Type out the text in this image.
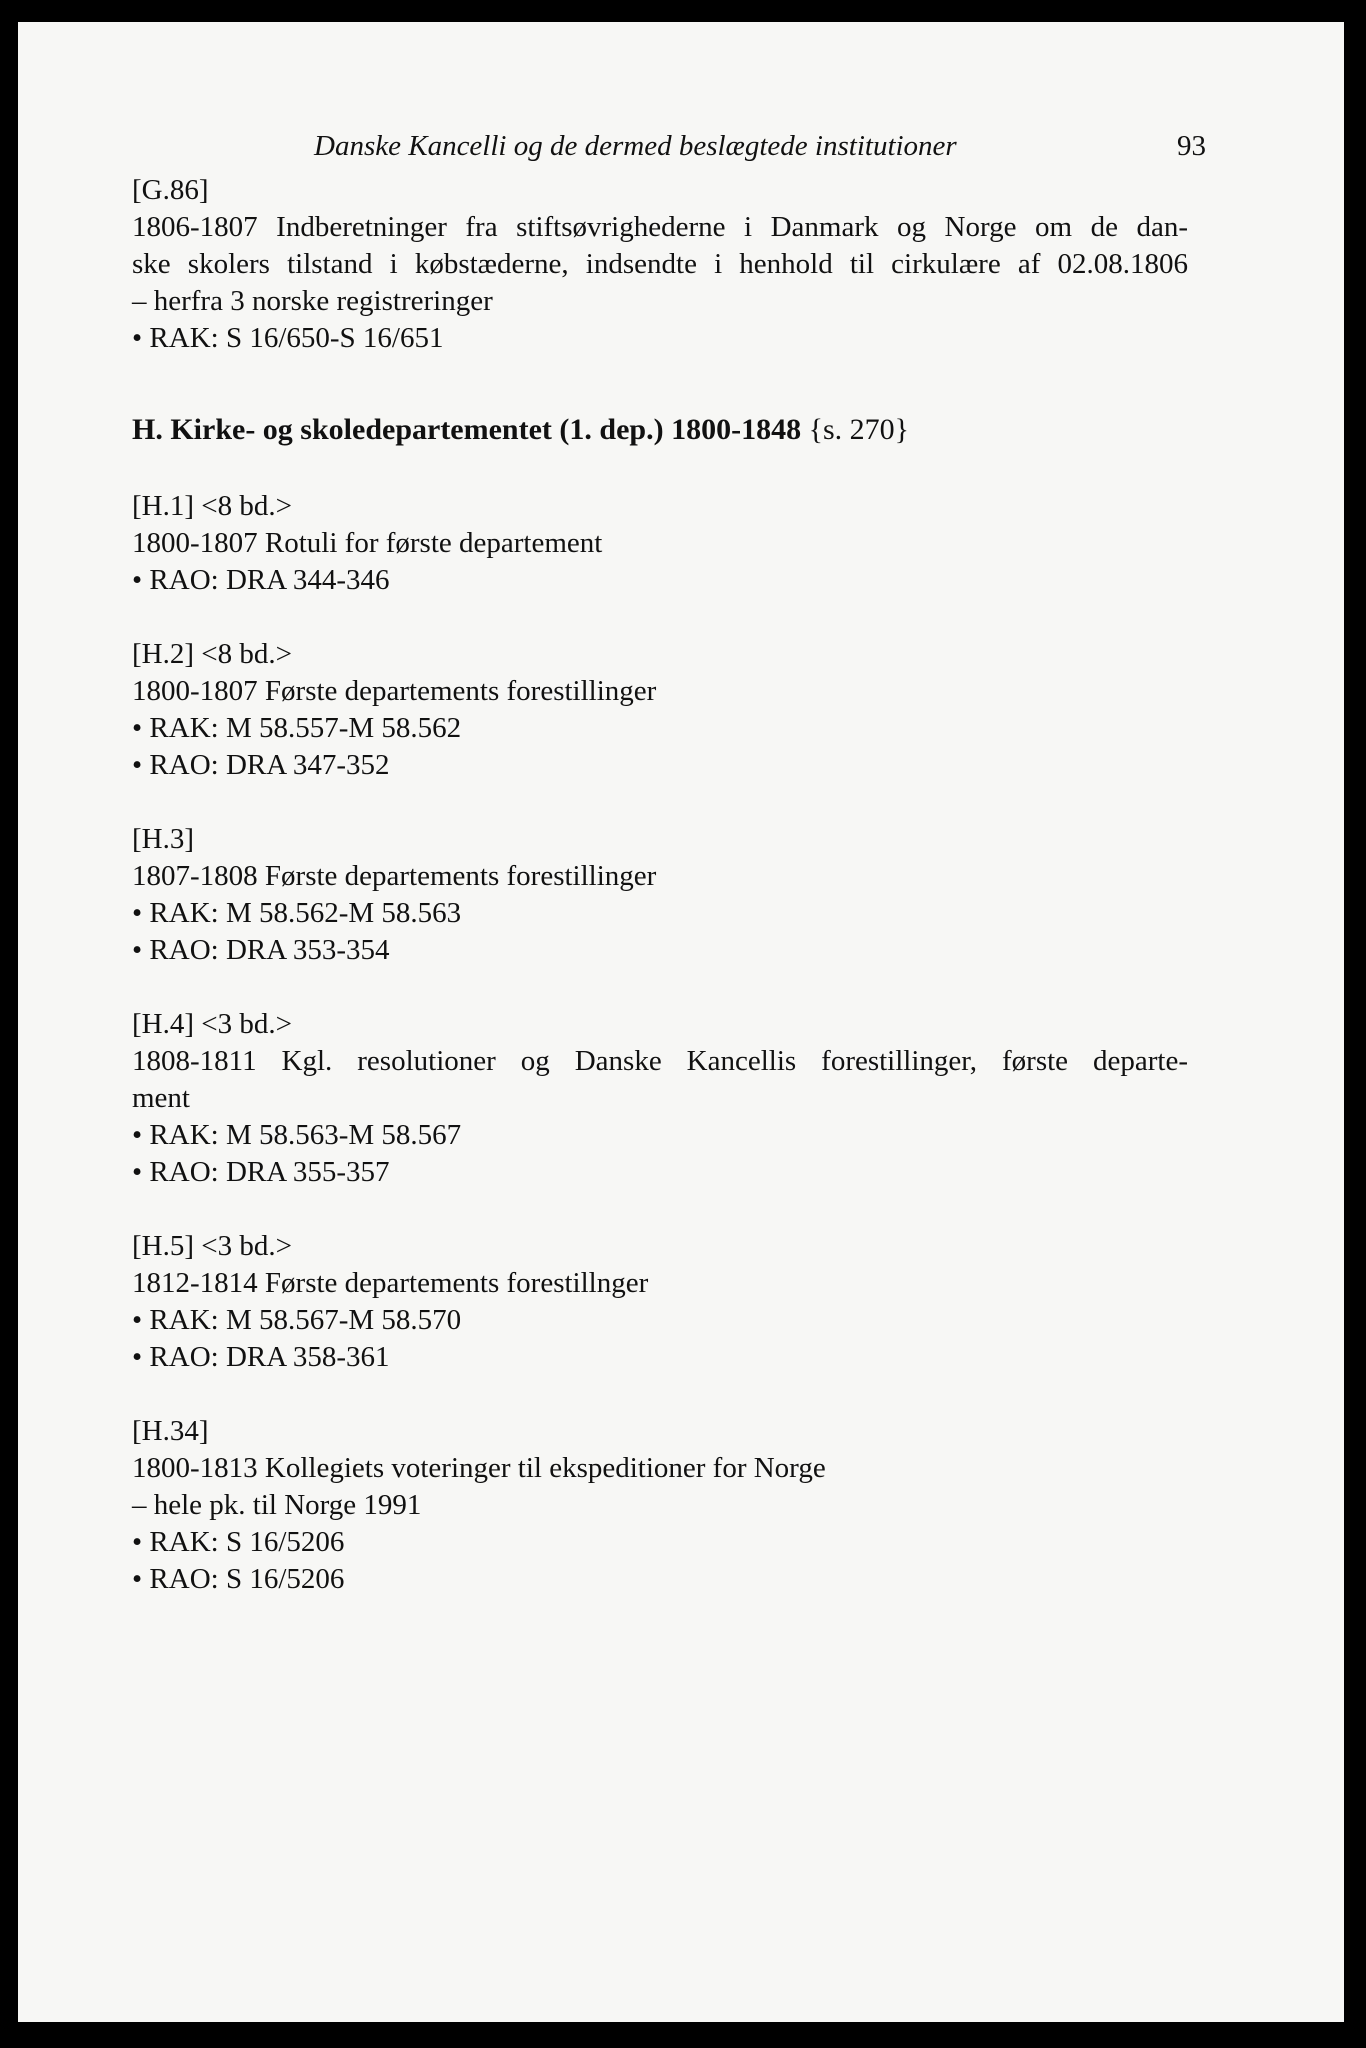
Danske Kancelli og de dermed beslægtede institutioner	93
[G.86]
1806-1807 Indberetninger fra stiftsøvrighederne i Danmark og Norge om de dan-
ske skolers tilstand i købstæderne, indsendte i henhold til cirkulære af 02.08.1806
– herfra 3 norske registreringer
• RAK: S 16/650-S 16/651
H. Kirke- og skoledepartementet (1. dep.) 1800-1848 {s. 270}
[H.1] <8 bd.>
1800-1807 Rotuli for første departement
• RAO: DRA 344-346
[H.2] <8 bd.>
1800-1807 Første departements forestillinger
• RAK: M 58.557-M 58.562
• RAO: DRA 347-352
[H.3]
1807-1808 Første departements forestillinger
• RAK: M 58.562-M 58.563
• RAO: DRA 353-354
[H.4] <3 bd.>
1808-1811 Kgl. resolutioner og Danske Kancellis forestillinger, første departe-
ment
• RAK: M 58.563-M 58.567
• RAO: DRA 355-357
[H.5] <3 bd.>
1812-1814 Første departements forestillnger
• RAK: M 58.567-M 58.570
• RAO: DRA 358-361
[H.34]
1800-1813 Kollegiets voteringer til ekspeditioner for Norge
– hele pk. til Norge 1991
• RAK: S 16/5206
• RAO: S 16/5206
